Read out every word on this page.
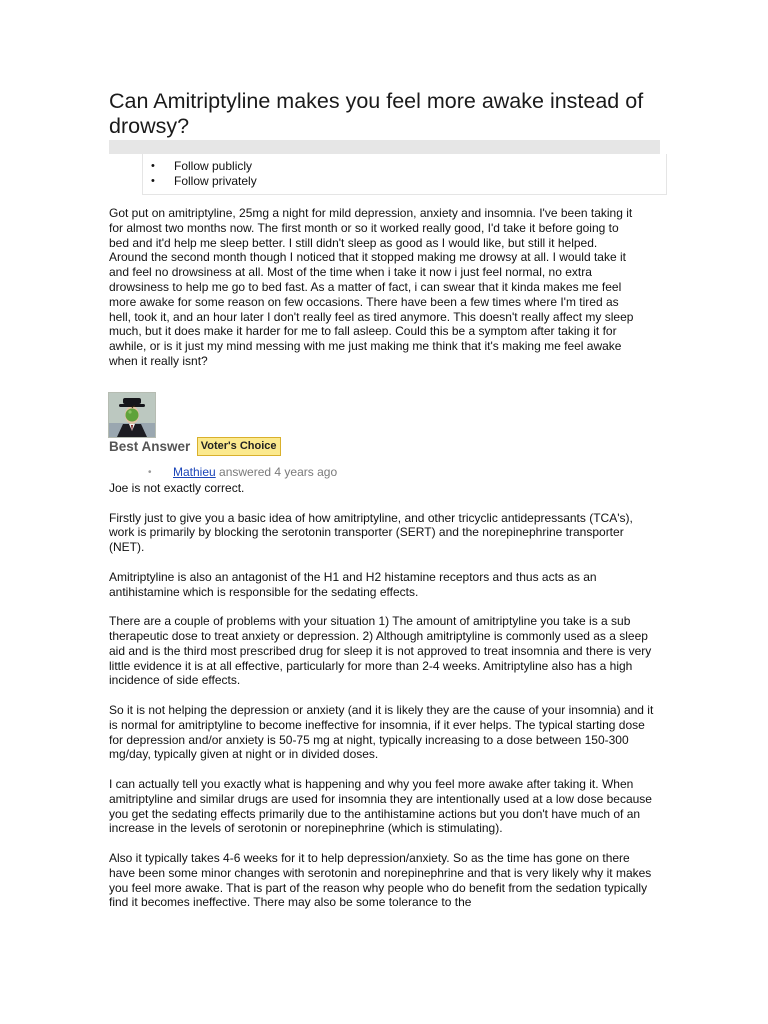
Can Amitriptyline makes you feel more awake instead of drowsy?
• Follow publicly
• Follow privately

Got put on amitriptyline, 25mg a night for mild depression, anxiety and insomnia. I've been taking it for almost two months now. The first month or so it worked really good, I'd take it before going to bed and it'd help me sleep better. I still didn't sleep as good as I would like, but still it helped.

Around the second month though I noticed that it stopped making me drowsy at all. I would take it and feel no drowsiness at all. Most of the time when i take it now i just feel normal, no extra drowsiness to help me go to bed fast. As a matter of fact, i can swear that it kinda makes me feel more awake for some reason on few occasions. There have been a few times where I'm tired as hell, took it, and an hour later I don't really feel as tired anymore. This doesn't really affect my sleep much, but it does make it harder for me to fall asleep. Could this be a symptom after taking it for awhile, or is it just my mind messing with me just making me think that it's making me feel awake when it really isnt?

Best Answer Voter's Choice
•	Mathieu answered 4 years ago

Joe is not exactly correct.

Firstly just to give you a basic idea of how amitriptyline, and other tricyclic antidepressants (TCA's), work is primarily by blocking the serotonin transporter (SERT) and the norepinephrine transporter (NET).

Amitriptyline is also an antagonist of the H1 and H2 histamine receptors and thus acts as an antihistamine which is responsible for the sedating effects.

There are a couple of problems with your situation 1) The amount of amitriptyline you take is a sub therapeutic dose to treat anxiety or depression. 2) Although amitriptyline is commonly used as a sleep aid and is the third most prescribed drug for sleep it is not approved to treat insomnia and there is very little evidence it is at all effective, particularly for more than 2-4 weeks. Amitriptyline also has a high incidence of side effects.

So it is not helping the depression or anxiety (and it is likely they are the cause of your insomnia) and it is normal for amitriptyline to become ineffective for insomnia, if it ever helps. The typical starting dose for depression and/or anxiety is 50-75 mg at night, typically increasing to a dose between 150-300 mg/day, typically given at night or in divided doses.

I can actually tell you exactly what is happening and why you feel more awake after taking it. When amitriptyline and similar drugs are used for insomnia they are intentionally used at a low dose because you get the sedating effects primarily due to the antihistamine actions but you don't have much of an increase in the levels of serotonin or norepinephrine (which is stimulating).

Also it typically takes 4-6 weeks for it to help depression/anxiety. So as the time has gone on there have been some minor changes with serotonin and norepinephrine and that is very likely why it makes you feel more awake. That is part of the reason why people who do benefit from the sedation typically find it becomes ineffective. There may also be some tolerance to the
